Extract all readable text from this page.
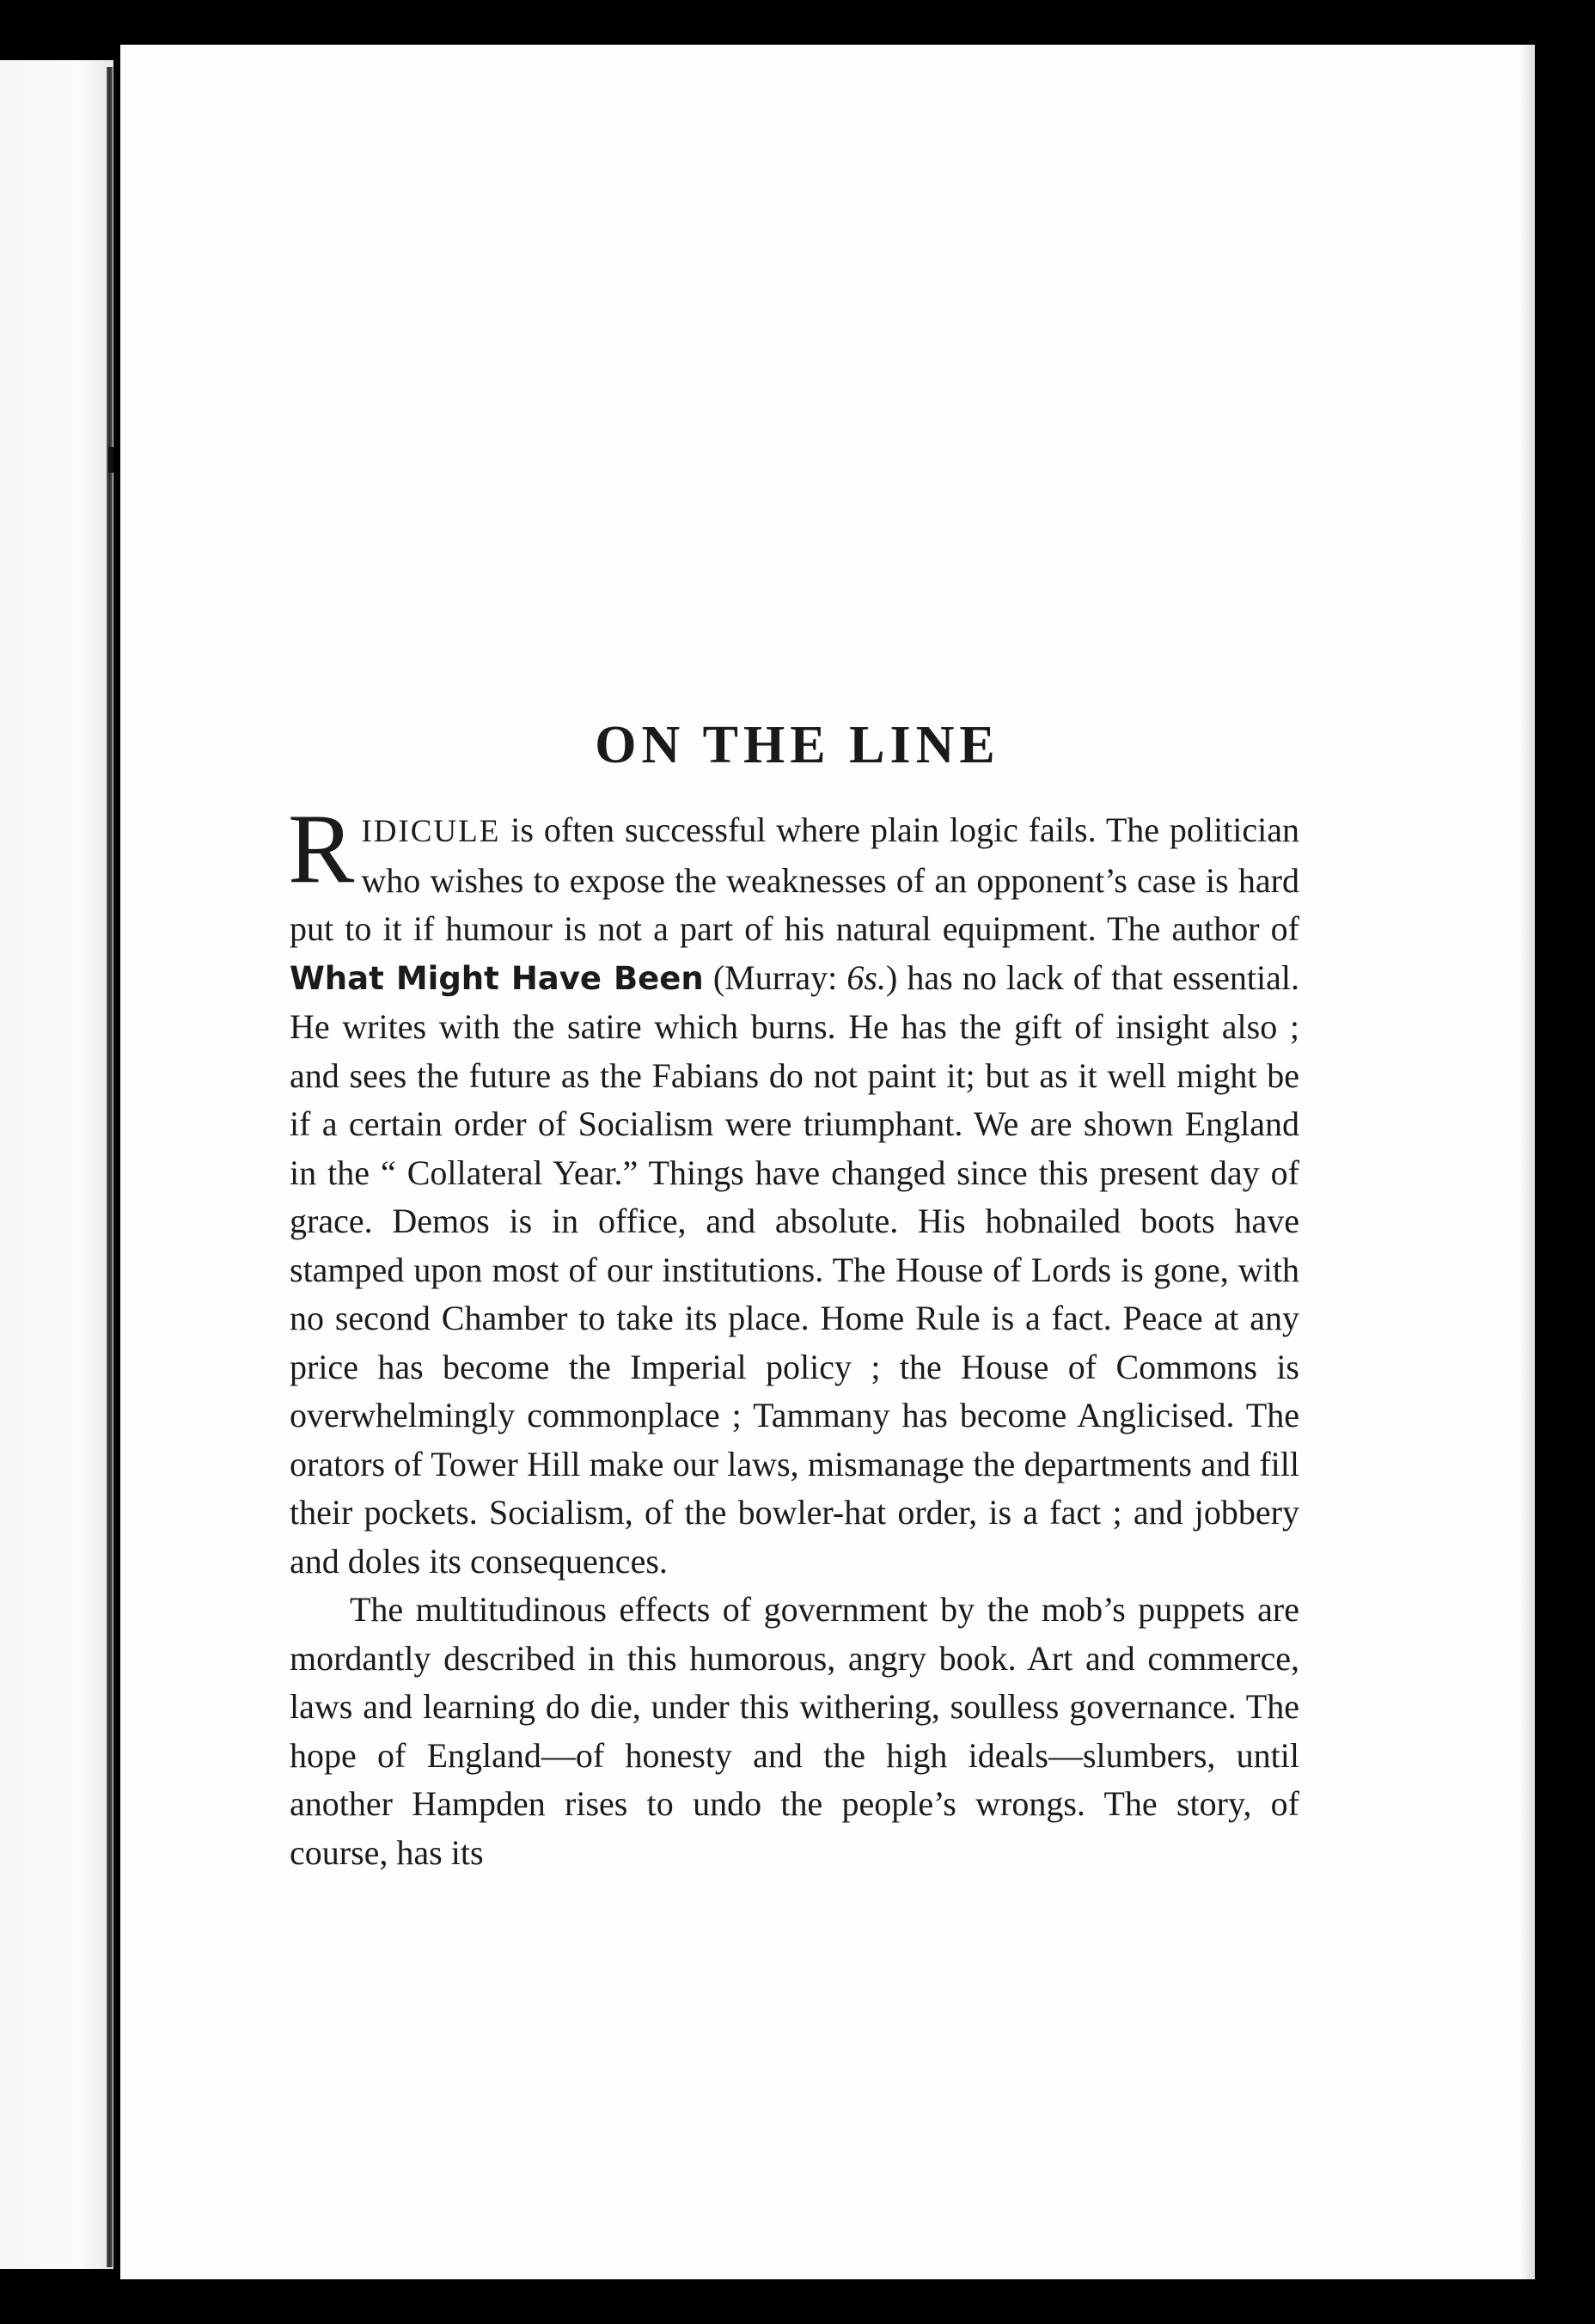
ON THE LINE

RIDICULE is often successful where plain logic fails. The politician who wishes to expose the weaknesses of an opponent’s case is hard put to it if humour is not a part of his natural equipment. The author of What Might Have Been (Murray: 6s.) has no lack of that essential. He writes with the satire which burns. He has the gift of insight also ; and sees the future as the Fabians do not paint it; but as it well might be if a certain order of Socialism were triumphant. We are shown England in the “ Collateral Year.” Things have changed since this present day of grace. Demos is in office, and absolute. His hobnailed boots have stamped upon most of our institutions. The House of Lords is gone, with no second Chamber to take its place. Home Rule is a fact. Peace at any price has become the Imperial policy ; the House of Commons is overwhelmingly commonplace ; Tammany has become Anglicised. The orators of Tower Hill make our laws, mismanage the departments and fill their pockets. Socialism, of the bowler-hat order, is a fact ; and jobbery and doles its consequences.

The multitudinous effects of government by the mob’s puppets are mordantly described in this humorous, angry book. Art and commerce, laws and learning do die, under this withering, soulless governance. The hope of England—of honesty and the high ideals—slumbers, until another Hampden rises to undo the people’s wrongs. The story, of course, has its
